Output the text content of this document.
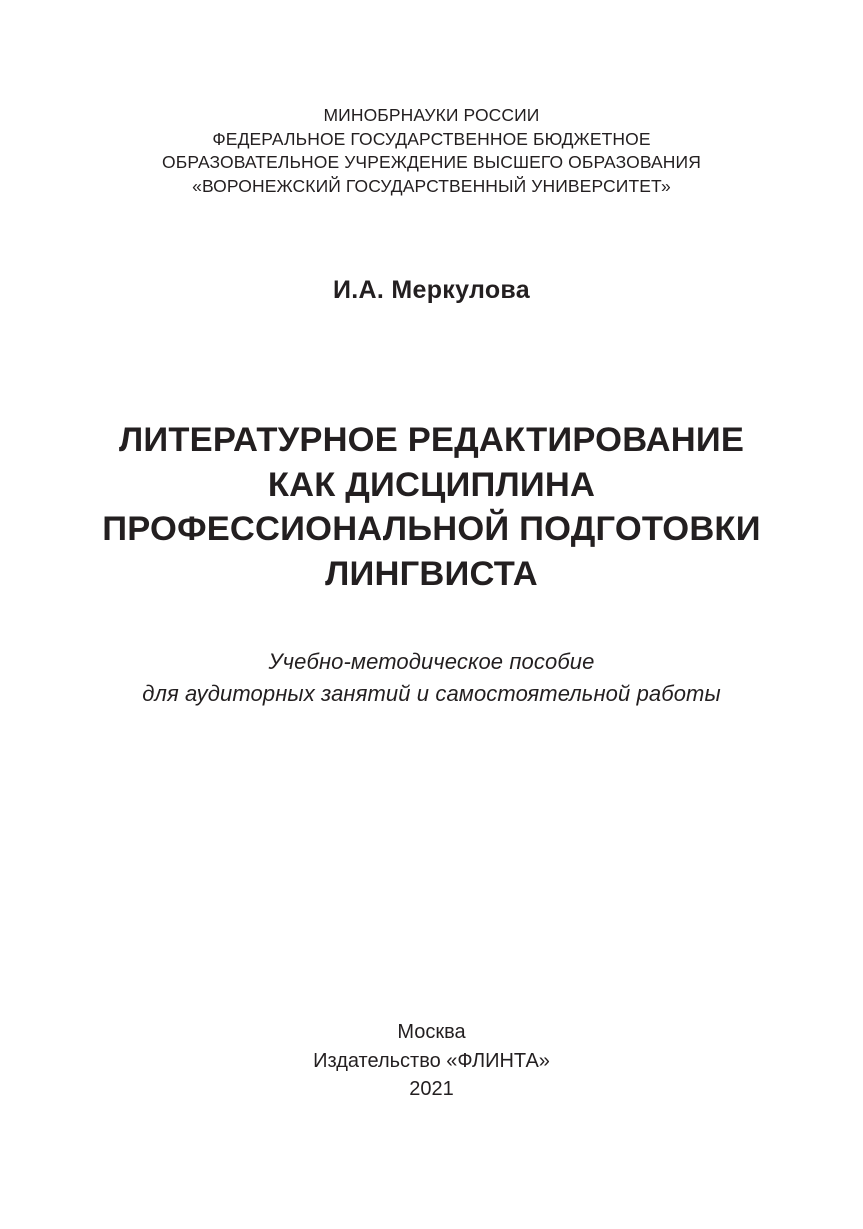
МИНОБРНАУКИ РОССИИ
ФЕДЕРАЛЬНОЕ ГОСУДАРСТВЕННОЕ БЮДЖЕТНОЕ
ОБРАЗОВАТЕЛЬНОЕ УЧРЕЖДЕНИЕ ВЫСШЕГО ОБРАЗОВАНИЯ
«ВОРОНЕЖСКИЙ ГОСУДАРСТВЕННЫЙ УНИВЕРСИТЕТ»
И.А. Меркулова
ЛИТЕРАТУРНОЕ РЕДАКТИРОВАНИЕ
КАК ДИСЦИПЛИНА
ПРОФЕССИОНАЛЬНОЙ ПОДГОТОВКИ
ЛИНГВИСТА
Учебно-методическое пособие
для аудиторных занятий и самостоятельной работы
Москва
Издательство «ФЛИНТА»
2021
